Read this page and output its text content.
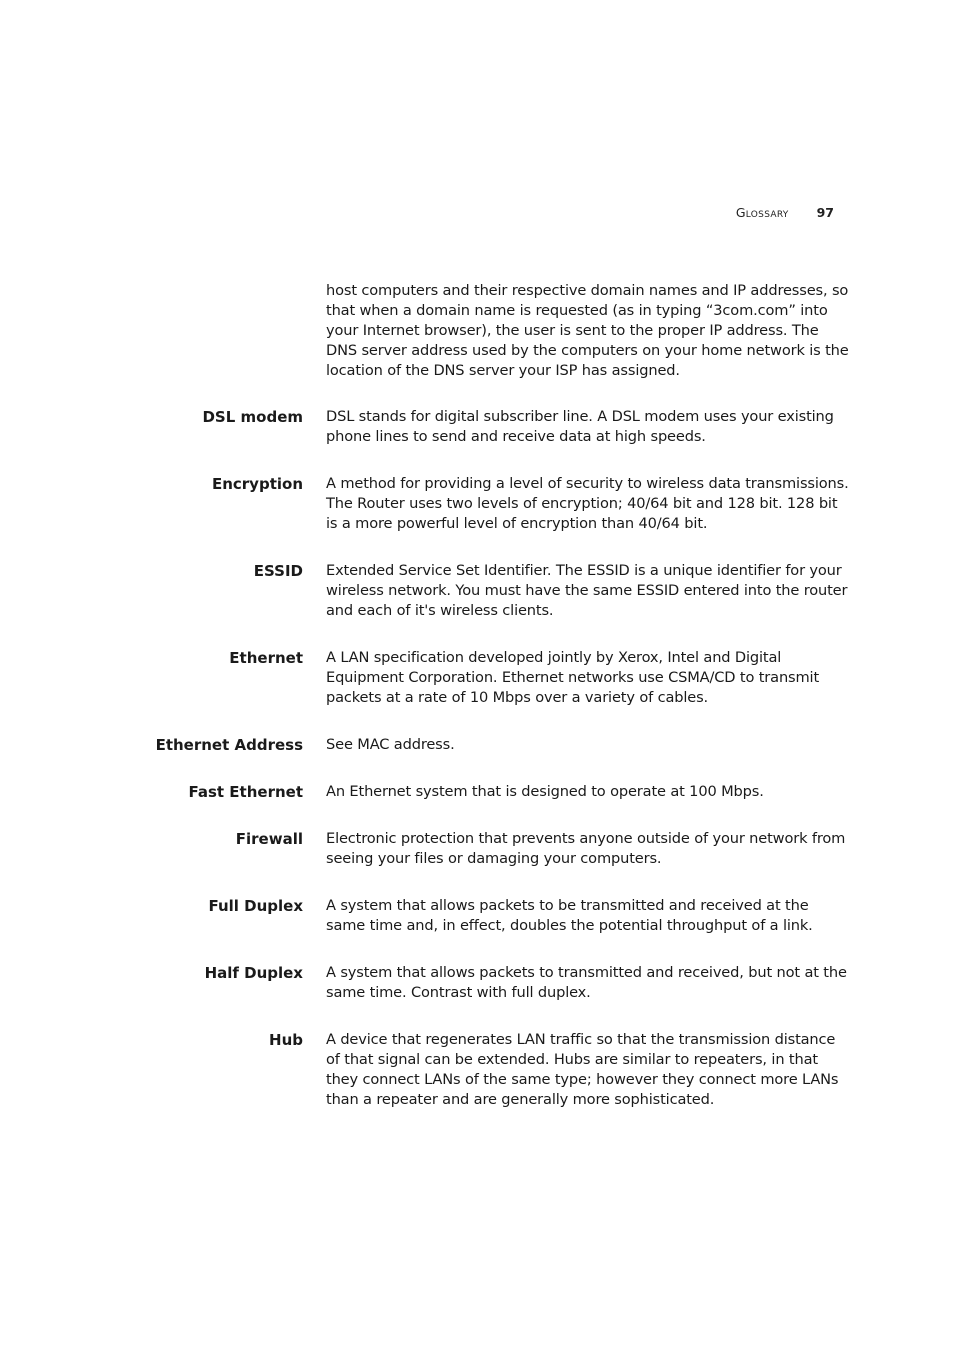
Glossary 97
host computers and their respective domain names and IP addresses, so that when a domain name is requested (as in typing “3com.com” into your Internet browser), the user is sent to the proper IP address. The DNS server address used by the computers on your home network is the location of the DNS server your ISP has assigned.
DSL modem	DSL stands for digital subscriber line. A DSL modem uses your existing phone lines to send and receive data at high speeds.
Encryption	A method for providing a level of security to wireless data transmissions. The Router uses two levels of encryption; 40/64 bit and 128 bit. 128 bit is a more powerful level of encryption than 40/64 bit.
ESSID	Extended Service Set Identifier. The ESSID is a unique identifier for your wireless network. You must have the same ESSID entered into the router and each of it's wireless clients.
Ethernet	A LAN specification developed jointly by Xerox, Intel and Digital Equipment Corporation. Ethernet networks use CSMA/CD to transmit packets at a rate of 10 Mbps over a variety of cables.
Ethernet Address	See MAC address.
Fast Ethernet	An Ethernet system that is designed to operate at 100 Mbps.
Firewall	Electronic protection that prevents anyone outside of your network from seeing your files or damaging your computers.
Full Duplex	A system that allows packets to be transmitted and received at the same time and, in effect, doubles the potential throughput of a link.
Half Duplex	A system that allows packets to transmitted and received, but not at the same time. Contrast with full duplex.
Hub	A device that regenerates LAN traffic so that the transmission distance of that signal can be extended. Hubs are similar to repeaters, in that they connect LANs of the same type; however they connect more LANs than a repeater and are generally more sophisticated.
